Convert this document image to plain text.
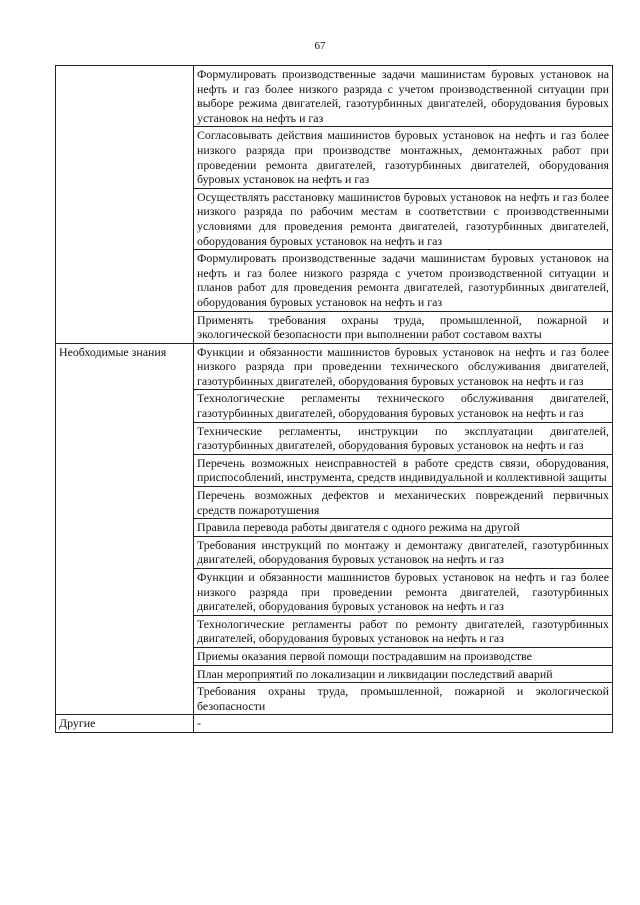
67
	Формулировать производственные задачи машинистам буровых установок на нефть и газ более низкого разряда с учетом производственной ситуации при выборе режима двигателей, газотурбинных двигателей, оборудования буровых установок на нефть и газ
	Согласовывать действия машинистов буровых установок на нефть и газ более низкого разряда при производстве монтажных, демонтажных работ при проведении ремонта двигателей, газотурбинных двигателей, оборудования буровых установок на нефть и газ
	Осуществлять расстановку машинистов буровых установок на нефть и газ более низкого разряда по рабочим местам в соответствии с производственными условиями для проведения ремонта двигателей, газотурбинных двигателей, оборудования буровых установок на нефть и газ
	Формулировать производственные задачи машинистам буровых установок на нефть и газ более низкого разряда с учетом производственной ситуации и планов работ для проведения ремонта двигателей, газотурбинных двигателей, оборудования буровых установок на нефть и газ
	Применять требования охраны труда, промышленной, пожарной и экологической безопасности при выполнении работ составом вахты
Необходимые знания	Функции и обязанности машинистов буровых установок на нефть и газ более низкого разряда при проведении технического обслуживания двигателей, газотурбинных двигателей, оборудования буровых установок на нефть и газ
	Технологические регламенты технического обслуживания двигателей, газотурбинных двигателей, оборудования буровых установок на нефть и газ
	Технические регламенты, инструкции по эксплуатации двигателей, газотурбинных двигателей, оборудования буровых установок на нефть и газ
	Перечень возможных неисправностей в работе средств связи, оборудования, приспособлений, инструмента, средств индивидуальной и коллективной защиты
	Перечень возможных дефектов и механических повреждений первичных средств пожаротушения
	Правила перевода работы двигателя с одного режима на другой
	Требования инструкций по монтажу и демонтажу двигателей, газотурбинных двигателей, оборудования буровых установок на нефть и газ
	Функции и обязанности машинистов буровых установок на нефть и газ более низкого разряда при проведении ремонта двигателей, газотурбинных двигателей, оборудования буровых установок на нефть и газ
	Технологические регламенты работ по ремонту двигателей, газотурбинных двигателей, оборудования буровых установок на нефть и газ
	Приемы оказания первой помощи пострадавшим на производстве
	План мероприятий по локализации и ликвидации последствий аварий
	Требования охраны труда, промышленной, пожарной и экологической безопасности
Другие	-
